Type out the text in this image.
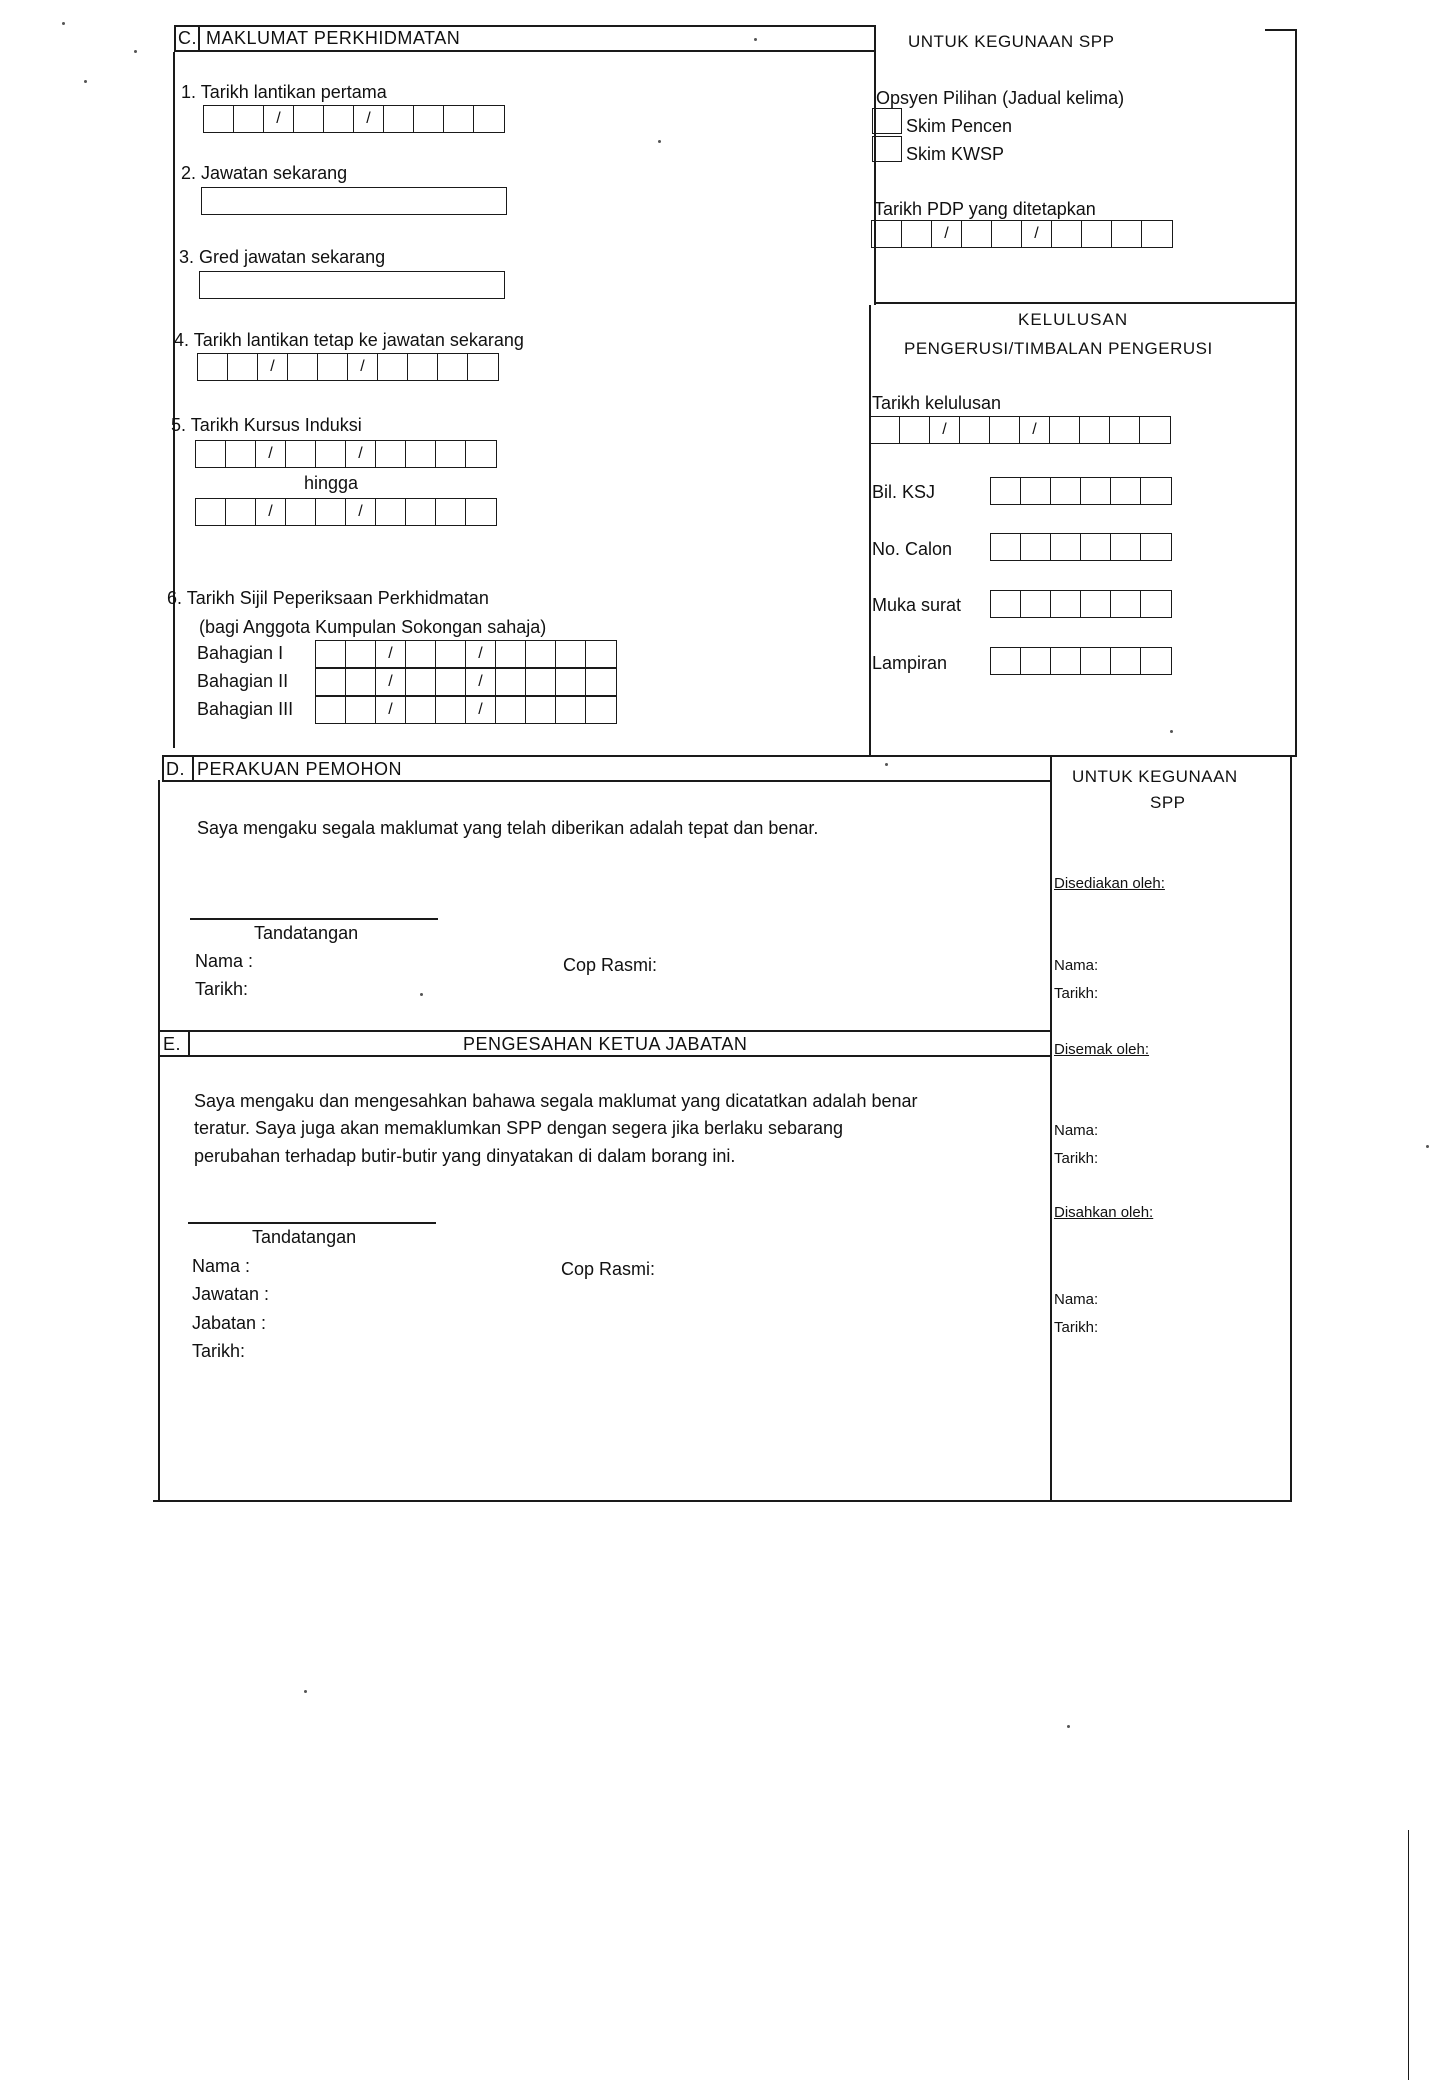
C. MAKLUMAT PERKHIDMATAN
1. Tarikh lantikan pertama
/	/
2. Jawatan sekarang
3. Gred jawatan sekarang
4. Tarikh lantikan tetap ke jawatan sekarang
/	/
5. Tarikh Kursus Induksi
/	/
hingga
/	/
6. Tarikh Sijil Peperiksaan Perkhidmatan
(bagi Anggota Kumpulan Sokongan sahaja)
Bahagian I	/	/
Bahagian II	/	/
Bahagian III	/	/
UNTUK KEGUNAAN SPP
Opsyen Pilihan (Jadual kelima)
Skim Pencen
Skim KWSP
Tarikh PDP yang ditetapkan
/	/
KELULUSAN
PENGERUSI/TIMBALAN PENGERUSI
Tarikh kelulusan
/	/
Bil. KSJ
No. Calon
Muka surat
Lampiran
D. PERAKUAN PEMOHON
Saya mengaku segala maklumat yang telah diberikan adalah tepat dan benar.
Tandatangan
Nama :
Tarikh:
Cop Rasmi:
E.	PENGESAHAN KETUA JABATAN
Saya mengaku dan mengesahkan bahawa segala maklumat yang dicatatkan adalah benar
teratur. Saya juga akan memaklumkan SPP dengan segera jika berlaku sebarang
perubahan terhadap butir-butir yang dinyatakan di dalam borang ini.
Tandatangan
Nama :
Jawatan :
Jabatan :
Tarikh:
Cop Rasmi:
UNTUK KEGUNAAN
SPP
Disediakan oleh:
Nama:
Tarikh:
Disemak oleh:
Nama:
Tarikh:
Disahkan oleh:
Nama:
Tarikh:
